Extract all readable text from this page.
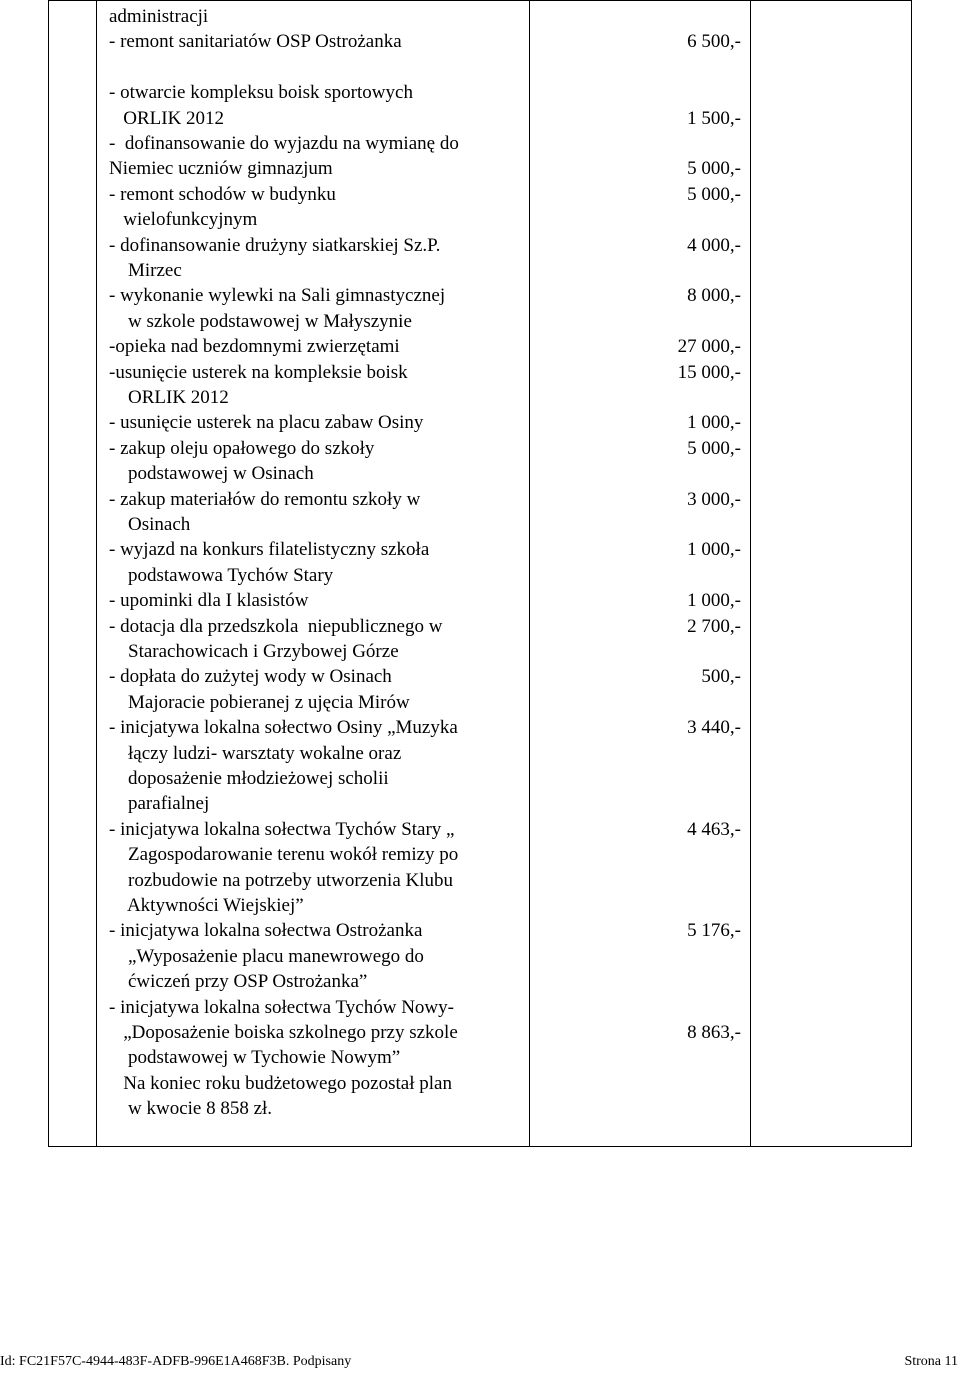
administracji
- remont sanitariatów OSP Ostrożanka
- otwarcie kompleksu boisk sportowych
ORLIK 2012
-  dofinansowanie do wyjazdu na wymianę do
Niemiec uczniów gimnazjum
- remont schodów w budynku
wielofunkcyjnym
- dofinansowanie drużyny siatkarskiej Sz.P.
Mirzec
- wykonanie wylewki na Sali gimnastycznej
w szkole podstawowej w Małyszynie
-opieka nad bezdomnymi zwierzętami
-usunięcie usterek na kompleksie boisk
ORLIK 2012
- usunięcie usterek na placu zabaw Osiny
- zakup oleju opałowego do szkoły
podstawowej w Osinach
- zakup materiałów do remontu szkoły w
Osinach
- wyjazd na konkurs filatelistyczny szkoła
podstawowa Tychów Stary
- upominki dla I klasistów
- dotacja dla przedszkola  niepublicznego w
Starachowicach i Grzybowej Górze
- dopłata do zużytej wody w Osinach
Majoracie pobieranej z ujęcia Mirów
- inicjatywa lokalna sołectwo Osiny „Muzyka
łączy ludzi- warsztaty wokalne oraz
doposażenie młodzieżowej scholii
parafialnej
- inicjatywa lokalna sołectwa Tychów Stary „
Zagospodarowanie terenu wokół remizy po
rozbudowie na potrzeby utworzenia Klubu
Aktywności Wiejskiej”
- inicjatywa lokalna sołectwa Ostrożanka
„Wyposażenie placu manewrowego do
ćwiczeń przy OSP Ostrożanka”
- inicjatywa lokalna sołectwa Tychów Nowy-
„Doposażenie boiska szkolnego przy szkole
podstawowej w Tychowie Nowym”
Na koniec roku budżetowego pozostał plan
w kwocie 8 858 zł.
6 500,-
1 500,-
5 000,-
5 000,-
4 000,-
8 000,-
27 000,-
15 000,-
1 000,-
5 000,-
3 000,-
1 000,-
1 000,-
2 700,-
500,-
3 440,-
4 463,-
5 176,-
8 863,-
Id: FC21F57C-4944-483F-ADFB-996E1A468F3B. Podpisany	Strona 11
